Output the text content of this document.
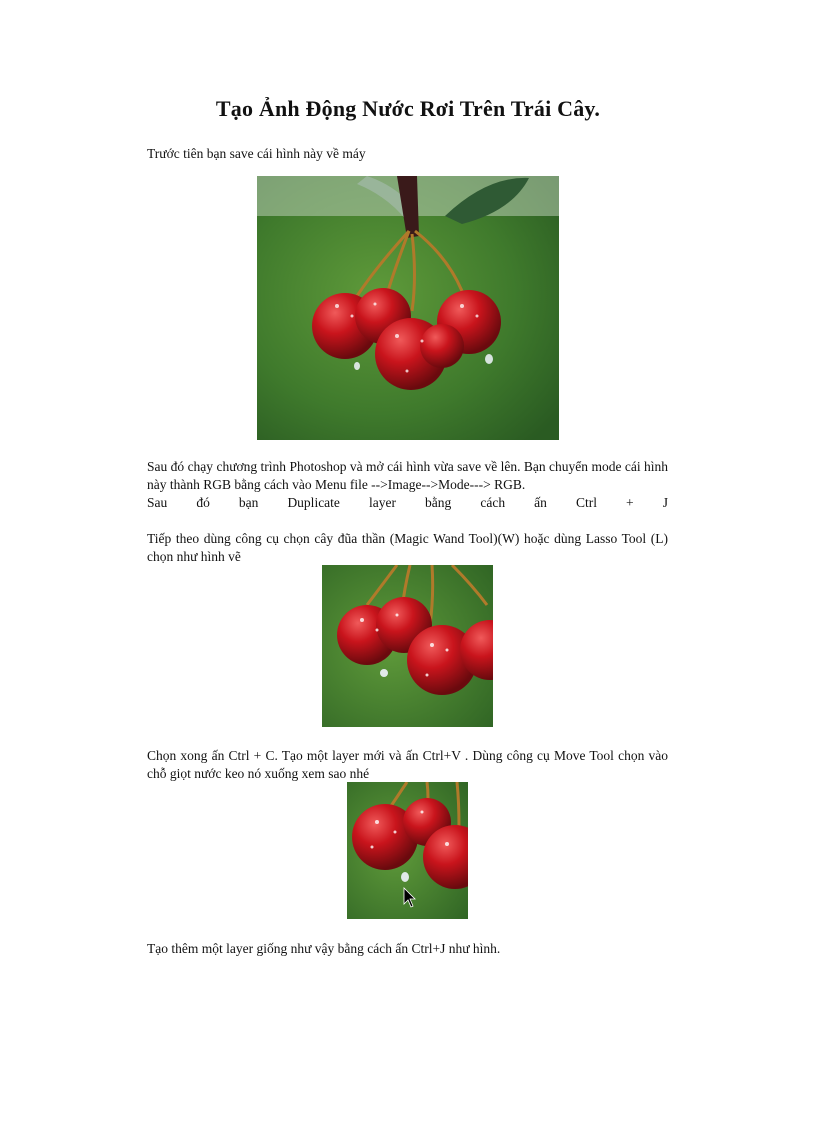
Tạo Ảnh Động Nước Rơi Trên Trái Cây.
Trước tiên bạn save cái hình này về máy
Sau đó chạy chương trình Photoshop và mở cái hình vừa save về lên. Bạn chuyển mode cái hình này thành RGB bằng cách vào Menu file -->Image-->Mode---> RGB.
Sau đó bạn Duplicate layer bằng cách ấn Ctrl + J
Tiếp theo dùng công cụ chọn cây đũa thần (Magic Wand Tool)(W) hoặc dùng Lasso Tool (L) chọn như hình vẽ
Chọn xong ấn Ctrl + C. Tạo một layer mới và ấn Ctrl+V . Dùng công cụ Move Tool chọn vào chỗ giọt nước keo nó xuống xem sao nhé
Tạo thêm một layer giống như vậy bằng cách ấn Ctrl+J như hình.
